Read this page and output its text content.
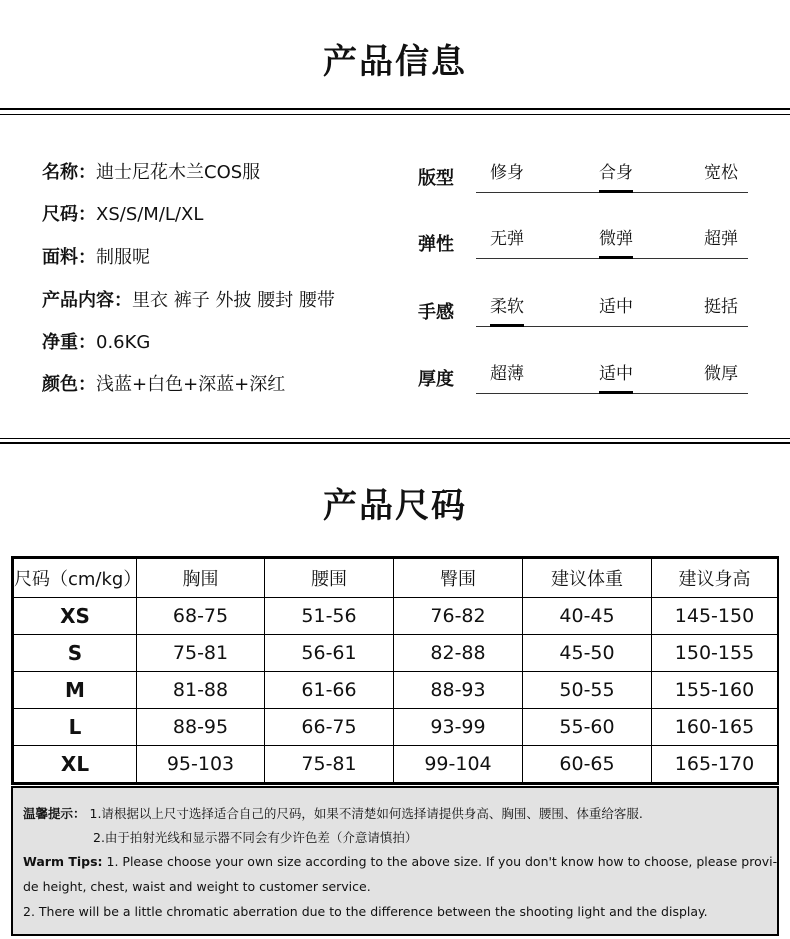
产品信息
名称：迪士尼花木兰COS服
尺码：XS/S/M/L/XL
面料：制服呢
产品内容：里衣 裤子 外披 腰封 腰带
净重：0.6KG
颜色：浅蓝+白色+深蓝+深红
版型	修身	合身	宽松
弹性	无弹	微弹	超弹
手感	柔软	适中	挺括
厚度	超薄	适中	微厚
产品尺码
尺码（cm/kg）	胸围	腰围	臀围	建议体重	建议身高
XS	68-75	51-56	76-82	40-45	145-150
S	75-81	56-61	82-88	45-50	150-155
M	81-88	61-66	88-93	50-55	155-160
L	88-95	66-75	93-99	55-60	160-165
XL	95-103	75-81	99-104	60-65	165-170
温馨提示： 1.请根据以上尺寸选择适合自己的尺码，如果不清楚如何选择请提供身高、胸围、腰围、体重给客服.
2.由于拍射光线和显示器不同会有少许色差（介意请慎拍）
Warm Tips: 1. Please choose your own size according to the above size. If you don't know how to choose, please provi-
de height, chest, waist and weight to customer service.
2. There will be a little chromatic aberration due to the difference between the shooting light and the display.
